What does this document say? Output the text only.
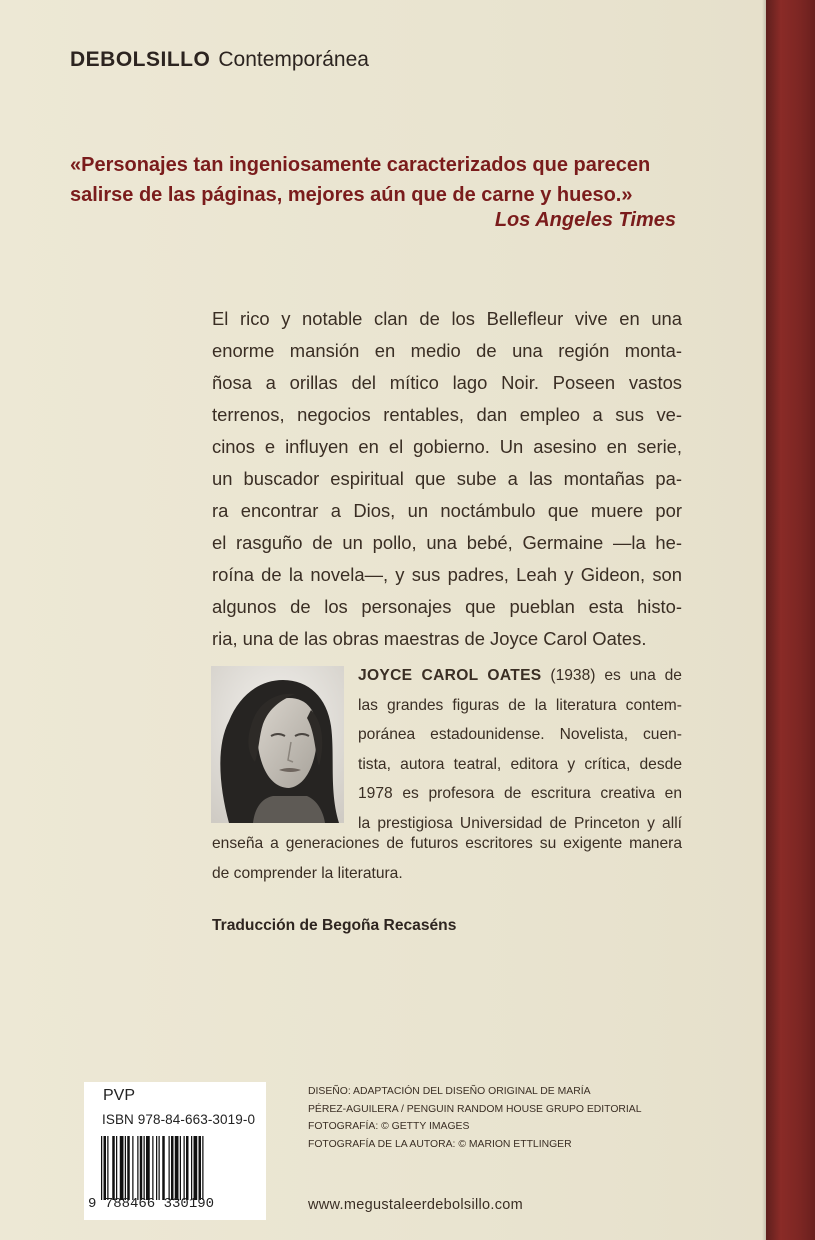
DEBOLSILLO Contemporánea
«Personajes tan ingeniosamente caracterizados que parecen
salirse de las páginas, mejores aún que de carne y hueso.»
Los Angeles Times
El rico y notable clan de los Bellefleur vive en una
enorme mansión en medio de una región monta-
ñosa a orillas del mítico lago Noir. Poseen vastos
terrenos, negocios rentables, dan empleo a sus ve-
cinos e influyen en el gobierno. Un asesino en serie,
un buscador espiritual que sube a las montañas pa-
ra encontrar a Dios, un noctámbulo que muere por
el rasguño de un pollo, una bebé, Germaine —la he-
roína de la novela—, y sus padres, Leah y Gideon, son
algunos de los personajes que pueblan esta histo-
ria, una de las obras maestras de Joyce Carol Oates.
JOYCE CAROL OATES (1938) es una de
las grandes figuras de la literatura contem-
poránea estadounidense. Novelista, cuen-
tista, autora teatral, editora y crítica, desde
1978 es profesora de escritura creativa en
la prestigiosa Universidad de Princeton y allí
enseña a generaciones de futuros escritores su exigente manera
de comprender la literatura.
Traducción de Begoña Recaséns
PVP
ISBN 978-84-663-3019-0
9 788466 330190
DISEÑO: ADAPTACIÓN DEL DISEÑO ORIGINAL DE MARÍA
PÉREZ-AGUILERA / PENGUIN RANDOM HOUSE GRUPO EDITORIAL
FOTOGRAFÍA: © GETTY IMAGES
FOTOGRAFÍA DE LA AUTORA: © MARION ETTLINGER
www.megustaleerdebolsillo.com
